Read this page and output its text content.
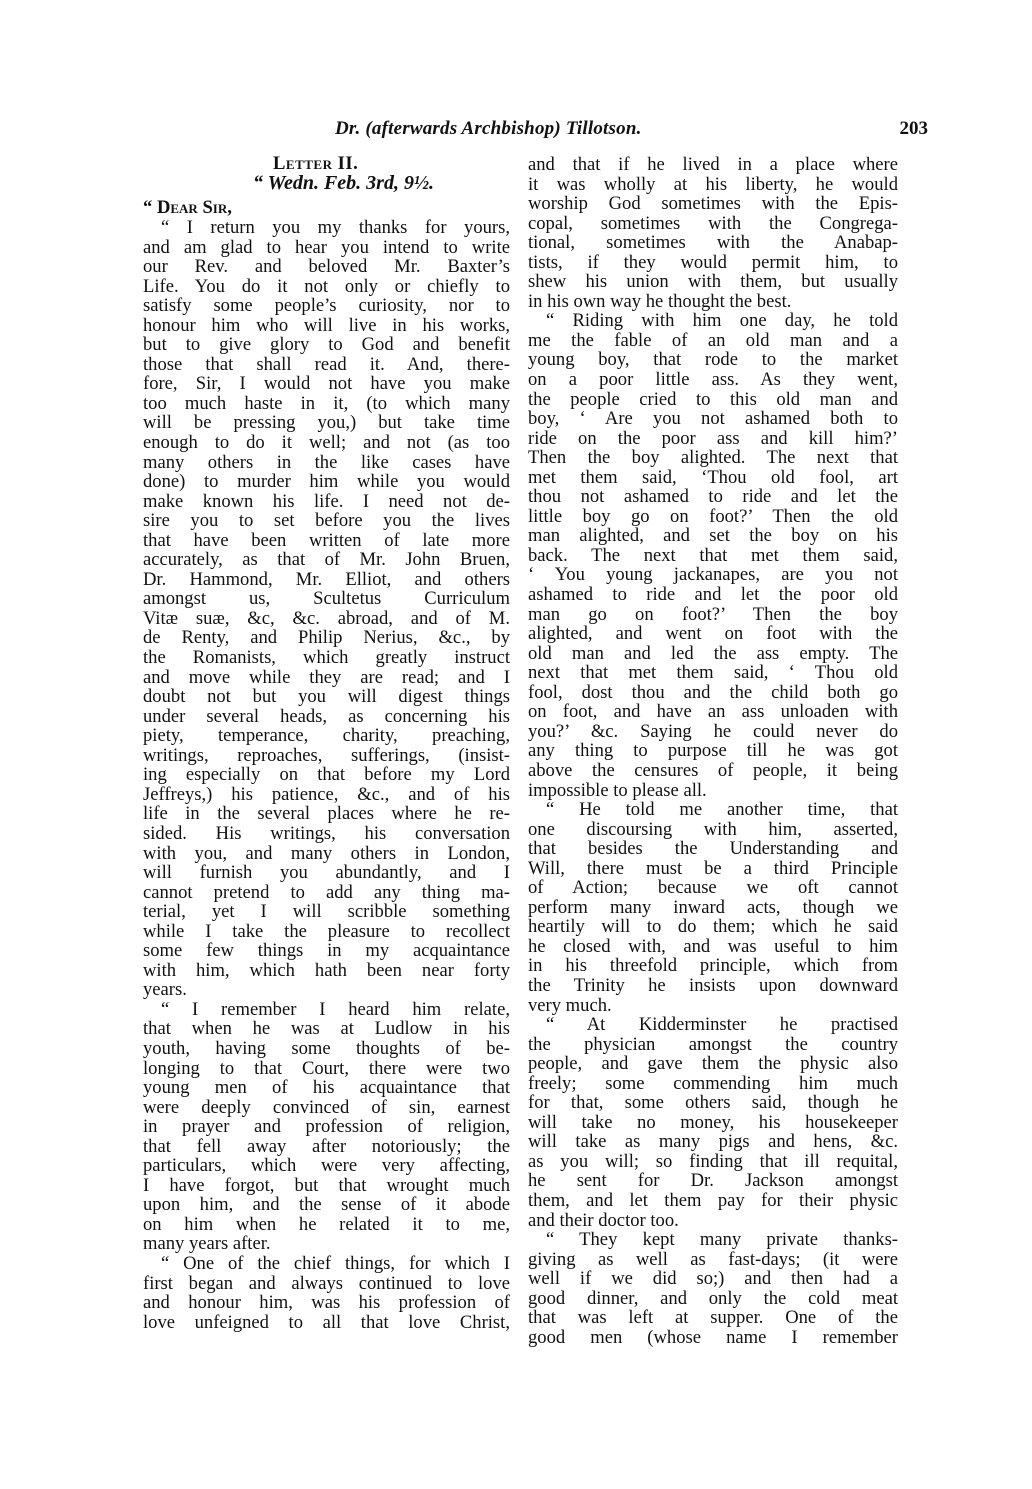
Dr. (afterwards Archbishop) Tillotson.	203
Letter II.
“ Wedn. Feb. 3rd, 9½.
“ Dear Sir,
“ I return you my thanks for yours,
and am glad to hear you intend to write
our Rev. and beloved Mr. Baxter’s
Life. You do it not only or chiefly to
satisfy some people’s curiosity, nor to
honour him who will live in his works,
but to give glory to God and benefit
those that shall read it. And, there-
fore, Sir, I would not have you make
too much haste in it, (to which many
will be pressing you,) but take time
enough to do it well; and not (as too
many others in the like cases have
done) to murder him while you would
make known his life. I need not de-
sire you to set before you the lives
that have been written of late more
accurately, as that of Mr. John Bruen,
Dr. Hammond, Mr. Elliot, and others
amongst us, Scultetus Curriculum
Vitæ suæ, &c, &c. abroad, and of M.
de Renty, and Philip Nerius, &c., by
the Romanists, which greatly instruct
and move while they are read; and I
doubt not but you will digest things
under several heads, as concerning his
piety, temperance, charity, preaching,
writings, reproaches, sufferings, (insist-
ing especially on that before my Lord
Jeffreys,) his patience, &c., and of his
life in the several places where he re-
sided. His writings, his conversation
with you, and many others in London,
will furnish you abundantly, and I
cannot pretend to add any thing ma-
terial, yet I will scribble something
while I take the pleasure to recollect
some few things in my acquaintance
with him, which hath been near forty
years.
“ I remember I heard him relate,
that when he was at Ludlow in his
youth, having some thoughts of be-
longing to that Court, there were two
young men of his acquaintance that
were deeply convinced of sin, earnest
in prayer and profession of religion,
that fell away after notoriously; the
particulars, which were very affecting,
I have forgot, but that wrought much
upon him, and the sense of it abode
on him when he related it to me,
many years after.
“ One of the chief things, for which I
first began and always continued to love
and honour him, was his profession of
love unfeigned to all that love Christ,
and that if he lived in a place where
it was wholly at his liberty, he would
worship God sometimes with the Epis-
copal, sometimes with the Congrega-
tional, sometimes with the Anabap-
tists, if they would permit him, to
shew his union with them, but usually
in his own way he thought the best.
“ Riding with him one day, he told
me the fable of an old man and a
young boy, that rode to the market
on a poor little ass. As they went,
the people cried to this old man and
boy, ‘ Are you not ashamed both to
ride on the poor ass and kill him?’
Then the boy alighted. The next that
met them said, ‘Thou old fool, art
thou not ashamed to ride and let the
little boy go on foot?’ Then the old
man alighted, and set the boy on his
back. The next that met them said,
‘ You young jackanapes, are you not
ashamed to ride and let the poor old
man go on foot?’ Then the boy
alighted, and went on foot with the
old man and led the ass empty. The
next that met them said, ‘ Thou old
fool, dost thou and the child both go
on foot, and have an ass unloaden with
you?’ &c. Saying he could never do
any thing to purpose till he was got
above the censures of people, it being
impossible to please all.
“ He told me another time, that
one discoursing with him, asserted,
that besides the Understanding and
Will, there must be a third Principle
of Action; because we oft cannot
perform many inward acts, though we
heartily will to do them; which he said
he closed with, and was useful to him
in his threefold principle, which from
the Trinity he insists upon downward
very much.
“ At Kidderminster he practised
the physician amongst the country
people, and gave them the physic also
freely; some commending him much
for that, some others said, though he
will take no money, his housekeeper
will take as many pigs and hens, &c.
as you will; so finding that ill requital,
he sent for Dr. Jackson amongst
them, and let them pay for their physic
and their doctor too.
“ They kept many private thanks-
giving as well as fast-days; (it were
well if we did so;) and then had a
good dinner, and only the cold meat
that was left at supper. One of the
good men (whose name I remember
